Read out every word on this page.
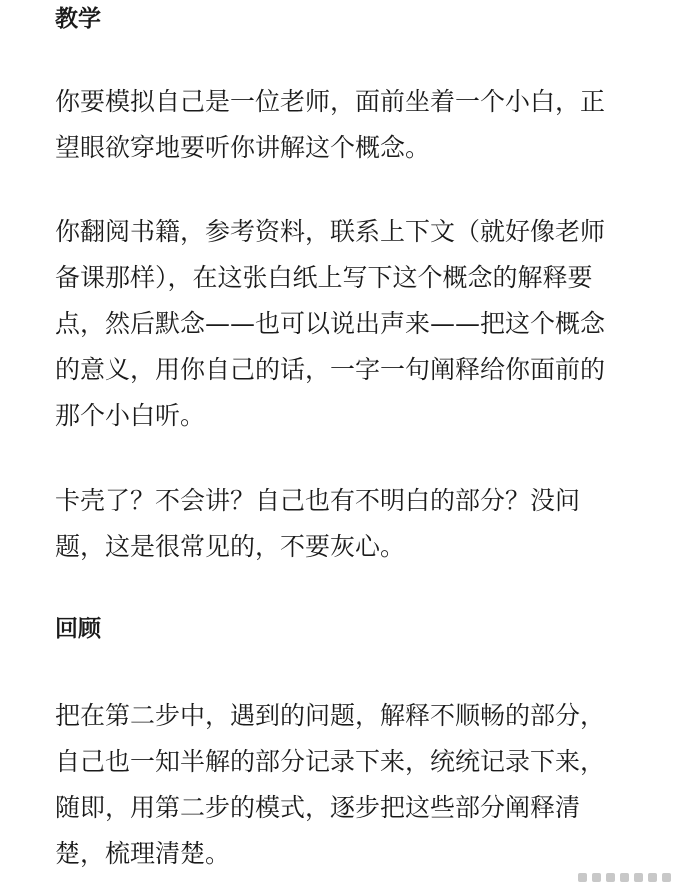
教学

你要模拟自己是一位老师，面前坐着一个小白，正
望眼欲穿地要听你讲解这个概念。

你翻阅书籍，参考资料，联系上下文（就好像老师
备课那样），在这张白纸上写下这个概念的解释要
点，然后默念——也可以说出声来——把这个概念
的意义，用你自己的话，一字一句阐释给你面前的
那个小白听。

卡壳了？不会讲？自己也有不明白的部分？没问
题，这是很常见的，不要灰心。

回顾

把在第二步中，遇到的问题，解释不顺畅的部分，
自己也一知半解的部分记录下来，统统记录下来，
随即，用第二步的模式，逐步把这些部分阐释清
楚，梳理清楚。
